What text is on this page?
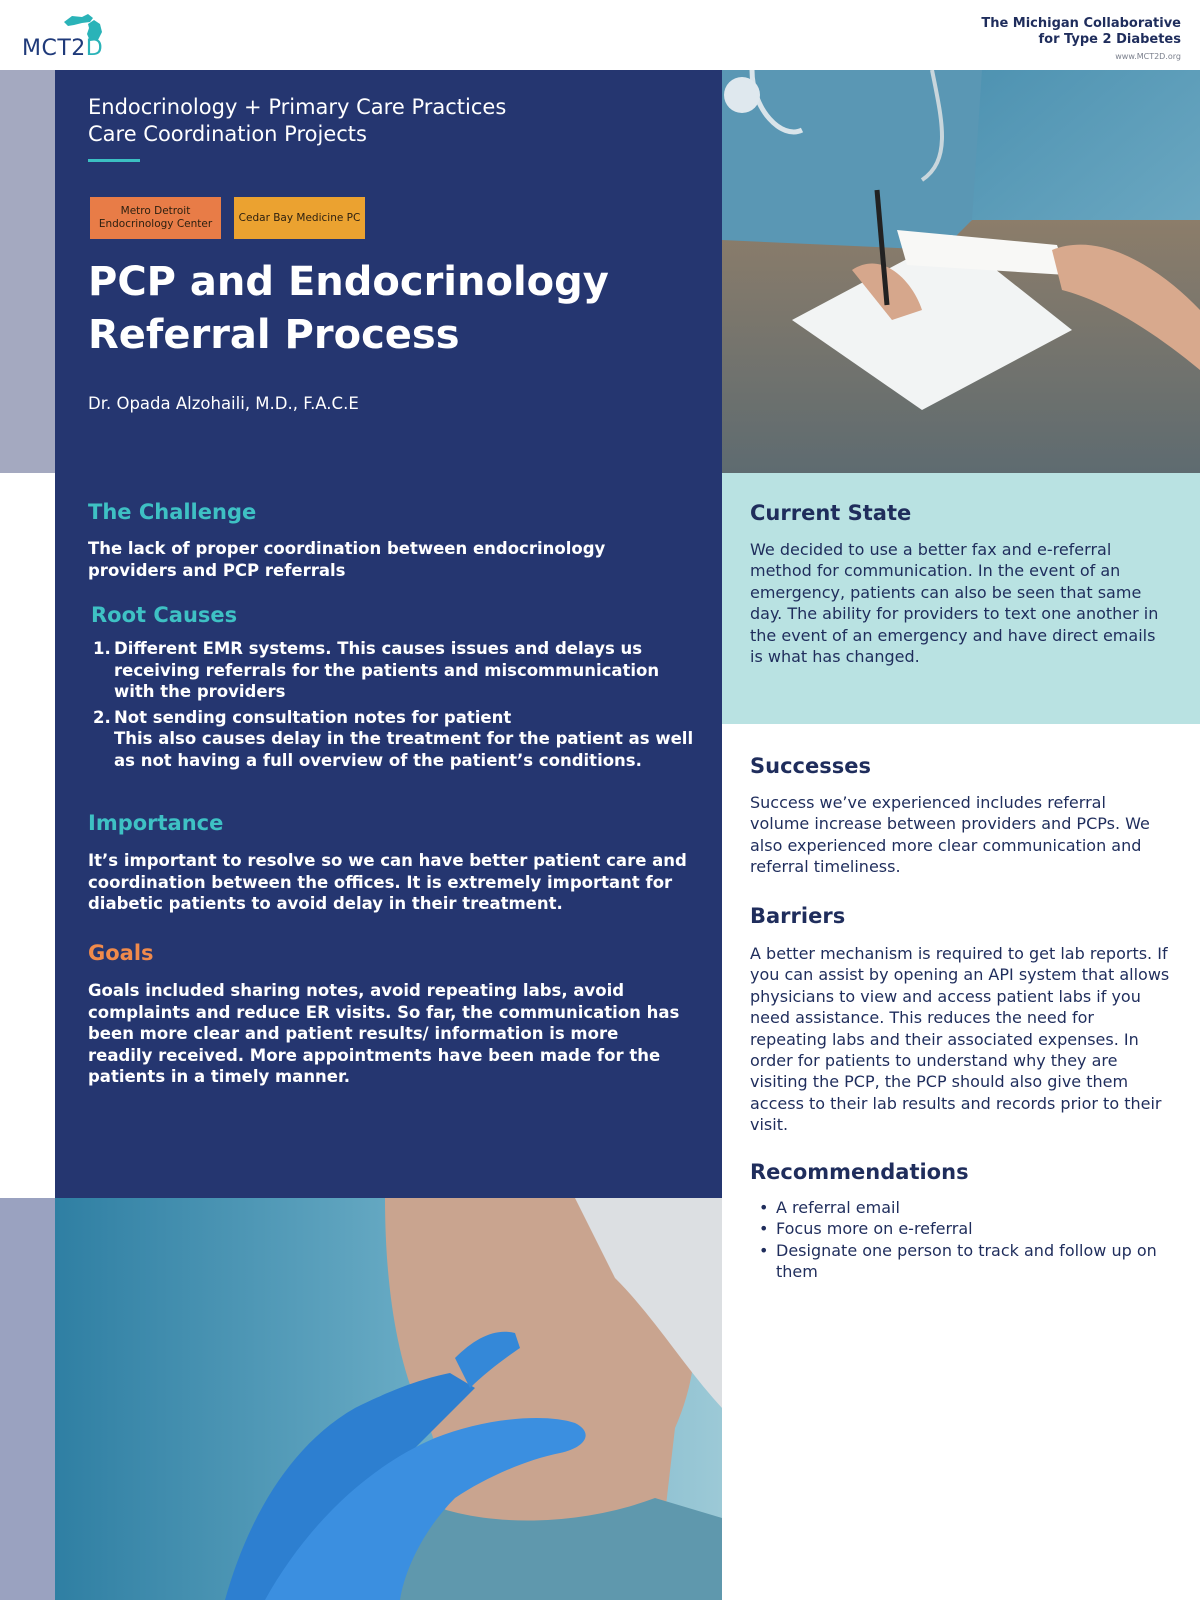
MCT2D
The Michigan Collaborative
for Type 2 Diabetes
www.MCT2D.org
Endocrinology + Primary Care Practices
Care Coordination Projects
Metro Detroit
Endocrinology Center
Cedar Bay Medicine PC
PCP and Endocrinology
Referral Process
Dr. Opada Alzohaili, M.D., F.A.C.E
The Challenge
The lack of proper coordination between endocrinology providers and PCP referrals
Root Causes
1. Different EMR systems. This causes issues and delays us receiving referrals for the patients and miscommunication with the providers
2. Not sending consultation notes for patient
This also causes delay in the treatment for the patient as well as not having a full overview of the patient’s conditions.
Importance
It’s important to resolve so we can have better patient care and coordination between the offices. It is extremely important for diabetic patients to avoid delay in their treatment.
Goals
Goals included sharing notes, avoid repeating labs, avoid complaints and reduce ER visits. So far, the communication has been more clear and patient results/ information is more readily received. More appointments have been made for the patients in a timely manner.
Current State
We decided to use a better fax and e-referral method for communication. In the event of an emergency, patients can also be seen that same day. The ability for providers to text one another in the event of an emergency and have direct emails is what has changed.
Successes
Success we’ve experienced includes referral volume increase between providers and PCPs. We also experienced more clear communication and referral timeliness.
Barriers
A better mechanism is required to get lab reports. If you can assist by opening an API system that allows physicians to view and access patient labs if you need assistance. This reduces the need for repeating labs and their associated expenses. In order for patients to understand why they are visiting the PCP, the PCP should also give them access to their lab results and records prior to their visit.
Recommendations
• A referral email
• Focus more on e-referral
• Designate one person to track and follow up on them
